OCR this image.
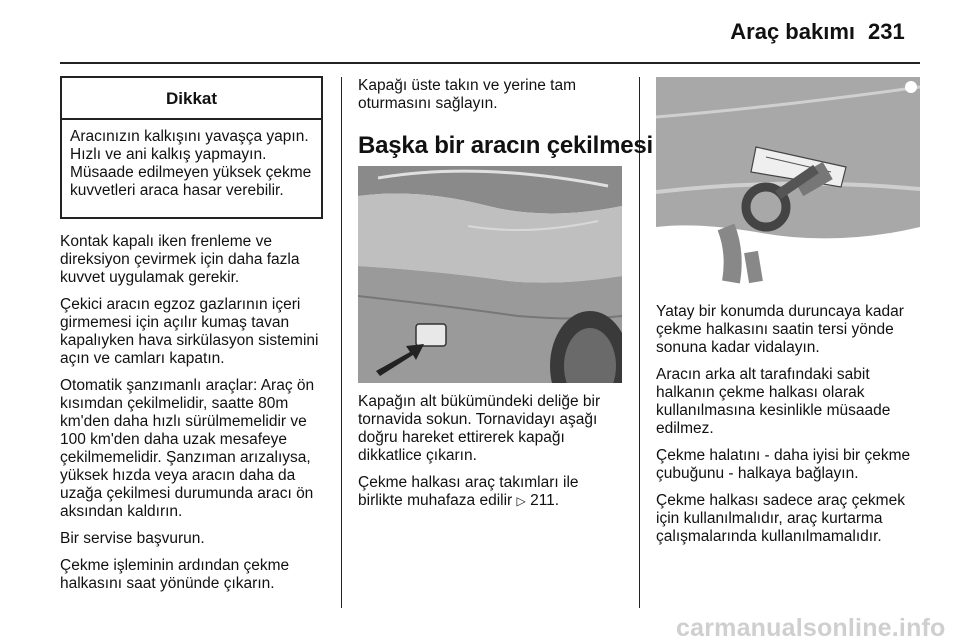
Araç bakımı 231
Dikkat
Aracınızın kalkışını yavaşça yapın. Hızlı ve ani kalkış yapmayın. Müsaade edilmeyen yüksek çekme kuvvetleri araca hasar verebilir.

Kontak kapalı iken frenleme ve direksiyon çevirmek için daha fazla kuvvet uygulamak gerekir.

Çekici aracın egzoz gazlarının içeri girmemesi için açılır kumaş tavan kapalıyken hava sirkülasyon sistemini açın ve camları kapatın.

Otomatik şanzımanlı araçlar: Araç ön kısımdan çekilmelidir, saatte 80m km'den daha hızlı sürülmemelidir ve 100 km'den daha uzak mesafeye çekilmemelidir. Şanzıman arızalıysa, yüksek hızda veya aracın daha da uzağa çekilmesi durumunda aracı ön aksından kaldırın.

Bir servise başvurun.

Çekme işleminin ardından çekme halkasını saat yönünde çıkarın.

Kapağı üste takın ve yerine tam oturmasını sağlayın.

Başka bir aracın çekilmesi

Kapağın alt bükümündeki deliğe bir tornavida sokun. Tornavidayı aşağı doğru hareket ettirerek kapağı dikkatlice çıkarın.

Çekme halkası araç takımları ile birlikte muhafaza edilir ▷ 211.

Yatay bir konumda duruncaya kadar çekme halkasını saatin tersi yönde sonuna kadar vidalayın.

Aracın arka alt tarafındaki sabit halkanın çekme halkası olarak kullanılmasına kesinlikle müsaade edilmez.

Çekme halatını - daha iyisi bir çekme çubuğunu - halkaya bağlayın.

Çekme halkası sadece araç çekmek için kullanılmalıdır, araç kurtarma çalışmalarında kullanılmamalıdır.

carmanualsonline.info
